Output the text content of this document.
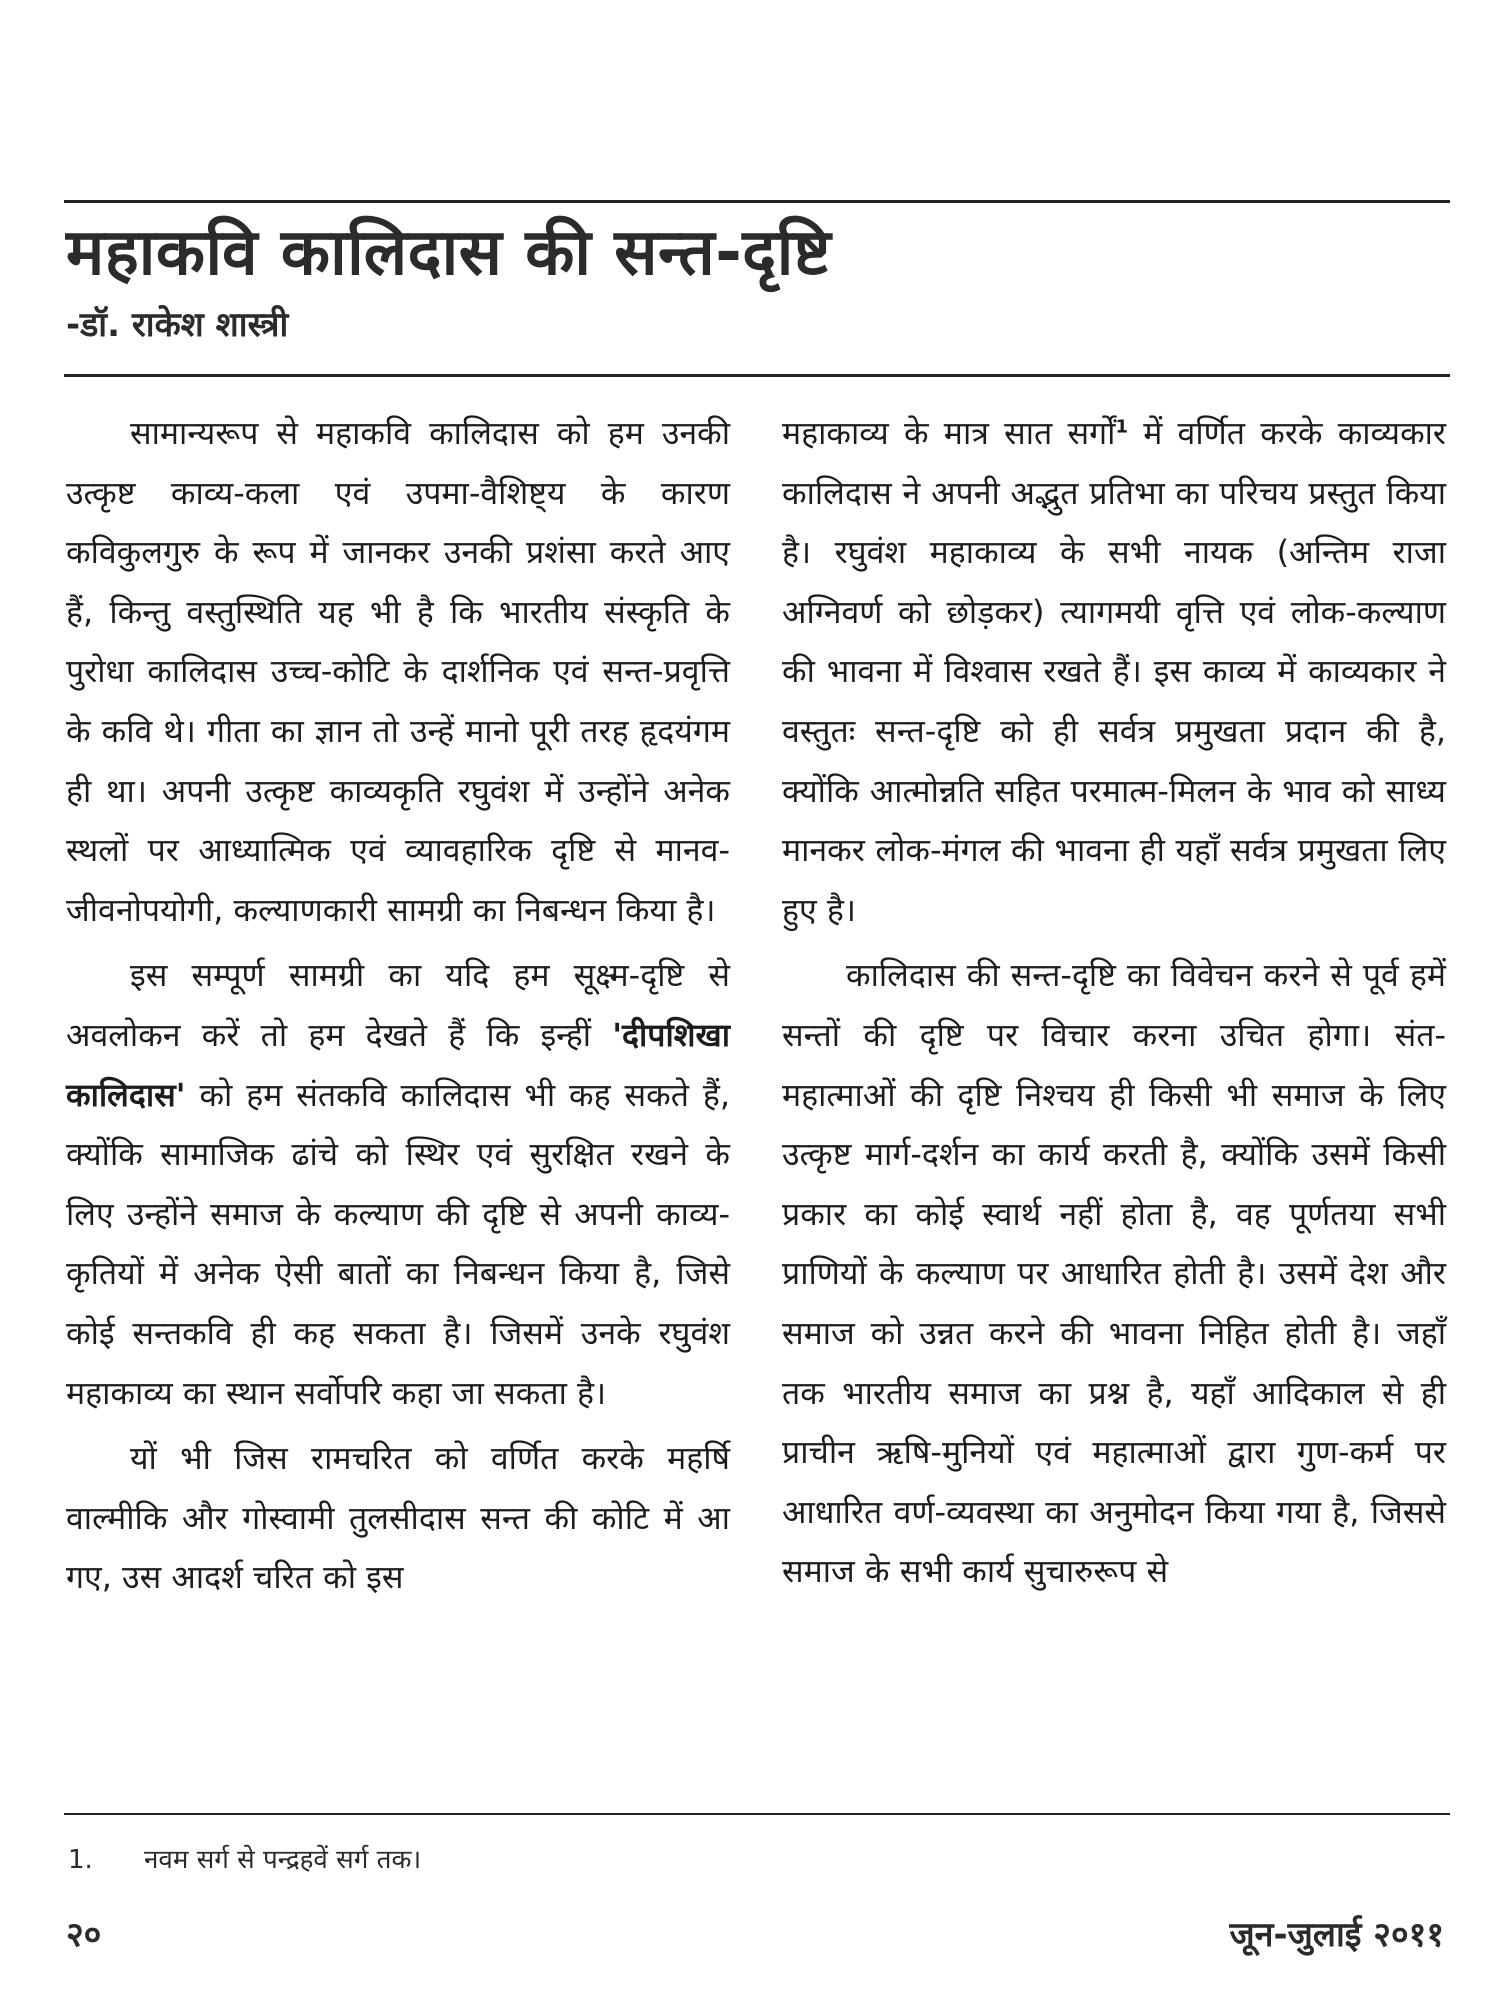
महाकवि कालिदास की सन्त-दृष्टि
-डॉ. राकेश शास्त्री

सामान्यरूप से महाकवि कालिदास को हम उनकी उत्कृष्ट काव्य-कला एवं उपमा-वैशिष्ट्य के कारण कविकुलगुरु के रूप में जानकर उनकी प्रशंसा करते आए हैं, किन्तु वस्तुस्थिति यह भी है कि भारतीय संस्कृति के पुरोधा कालिदास उच्च-कोटि के दार्शनिक एवं सन्त-प्रवृत्ति के कवि थे। गीता का ज्ञान तो उन्हें मानो पूरी तरह हृदयंगम ही था। अपनी उत्कृष्ट काव्यकृति रघुवंश में उन्होंने अनेक स्थलों पर आध्यात्मिक एवं व्यावहारिक दृष्टि से मानव-जीवनोपयोगी, कल्याणकारी सामग्री का निबन्धन किया है।

इस सम्पूर्ण सामग्री का यदि हम सूक्ष्म-दृष्टि से अवलोकन करें तो हम देखते हैं कि इन्हीं 'दीपशिखा कालिदास' को हम संतकवि कालिदास भी कह सकते हैं, क्योंकि सामाजिक ढांचे को स्थिर एवं सुरक्षित रखने के लिए उन्होंने समाज के कल्याण की दृष्टि से अपनी काव्य-कृतियों में अनेक ऐसी बातों का निबन्धन किया है, जिसे कोई सन्तकवि ही कह सकता है। जिसमें उनके रघुवंश महाकाव्य का स्थान सर्वोपरि कहा जा सकता है।

यों भी जिस रामचरित को वर्णित करके महर्षि वाल्मीकि और गोस्वामी तुलसीदास सन्त की कोटि में आ गए, उस आदर्श चरित को इस

महाकाव्य के मात्र सात सर्गों$^1$ में वर्णित करके काव्यकार कालिदास ने अपनी अद्भुत प्रतिभा का परिचय प्रस्तुत किया है। रघुवंश महाकाव्य के सभी नायक (अन्तिम राजा अग्निवर्ण को छोड़कर) त्यागमयी वृत्ति एवं लोक-कल्याण की भावना में विश्वास रखते हैं। इस काव्य में काव्यकार ने वस्तुतः सन्त-दृष्टि को ही सर्वत्र प्रमुखता प्रदान की है, क्योंकि आत्मोन्नति सहित परमात्म-मिलन के भाव को साध्य मानकर लोक-मंगल की भावना ही यहाँ सर्वत्र प्रमुखता लिए हुए है।

कालिदास की सन्त-दृष्टि का विवेचन करने से पूर्व हमें सन्तों की दृष्टि पर विचार करना उचित होगा। संत-महात्माओं की दृष्टि निश्चय ही किसी भी समाज के लिए उत्कृष्ट मार्ग-दर्शन का कार्य करती है, क्योंकि उसमें किसी प्रकार का कोई स्वार्थ नहीं होता है, वह पूर्णतया सभी प्राणियों के कल्याण पर आधारित होती है। उसमें देश और समाज को उन्नत करने की भावना निहित होती है। जहाँ तक भारतीय समाज का प्रश्न है, यहाँ आदिकाल से ही प्राचीन ऋषि-मुनियों एवं महात्माओं द्वारा गुण-कर्म पर आधारित वर्ण-व्यवस्था का अनुमोदन किया गया है, जिससे समाज के सभी कार्य सुचारुरूप से

1. नवम सर्ग से पन्द्रहवें सर्ग तक।
२०	जून-जुलाई २०११
